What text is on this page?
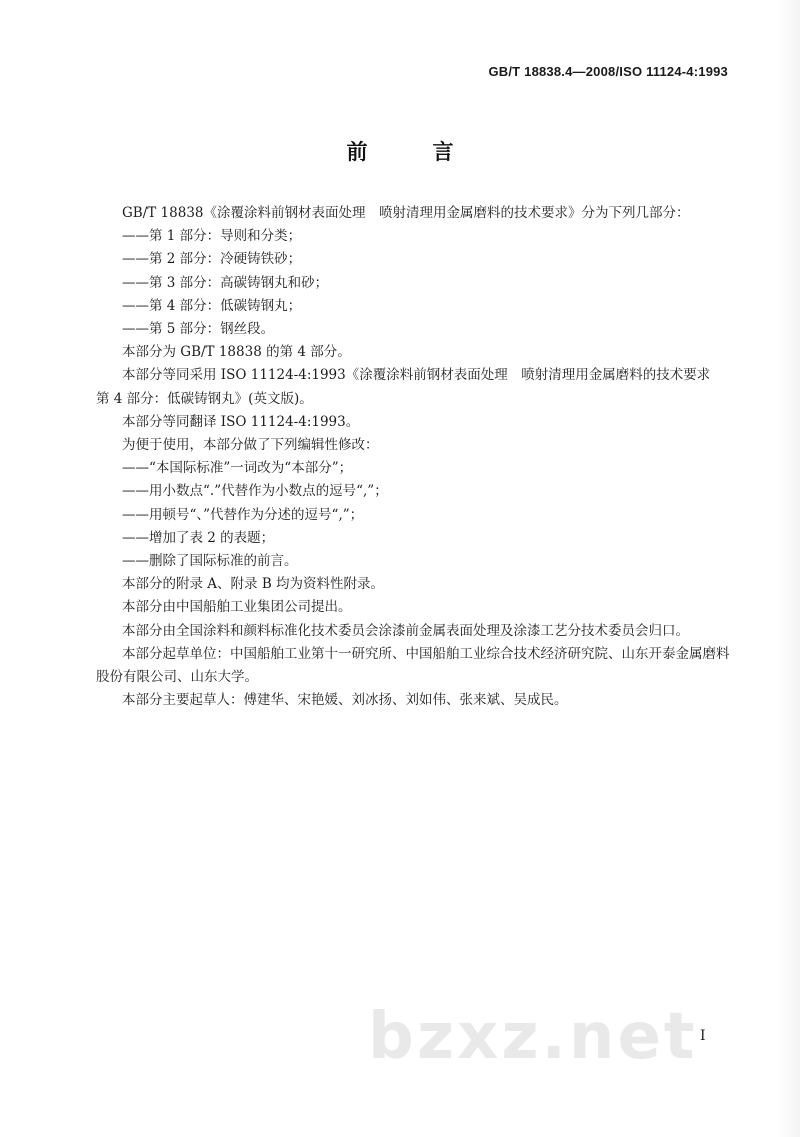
GB/T 18838.4—2008/ISO 11124-4:1993
前　言

GB/T 18838《涂覆涂料前钢材表面处理　喷射清理用金属磨料的技术要求》分为下列几部分：

——第 1 部分：导则和分类；

——第 2 部分：冷硬铸铁砂；

——第 3 部分：高碳铸钢丸和砂；

——第 4 部分：低碳铸钢丸；

——第 5 部分：钢丝段。

本部分为 GB/T 18838 的第 4 部分。

本部分等同采用 ISO 11124-4:1993《涂覆涂料前钢材表面处理　喷射清理用金属磨料的技术要求　第 4 部分：低碳铸钢丸》(英文版)。

本部分等同翻译 ISO 11124-4:1993。

为便于使用，本部分做了下列编辑性修改：

——“本国际标准”一词改为“本部分”；

——用小数点“.”代替作为小数点的逗号“,”；

——用顿号“、”代替作为分述的逗号“,”；

——增加了表 2 的表题；

——删除了国际标准的前言。

本部分的附录 A、附录 B 均为资料性附录。

本部分由中国船舶工业集团公司提出。

本部分由全国涂料和颜料标准化技术委员会涂漆前金属表面处理及涂漆工艺分技术委员会归口。

本部分起草单位：中国船舶工业第十一研究所、中国船舶工业综合技术经济研究院、山东开泰金属磨料股份有限公司、山东大学。

本部分主要起草人：傅建华、宋艳媛、刘冰扬、刘如伟、张来斌、吴成民。

bzxz.net I
